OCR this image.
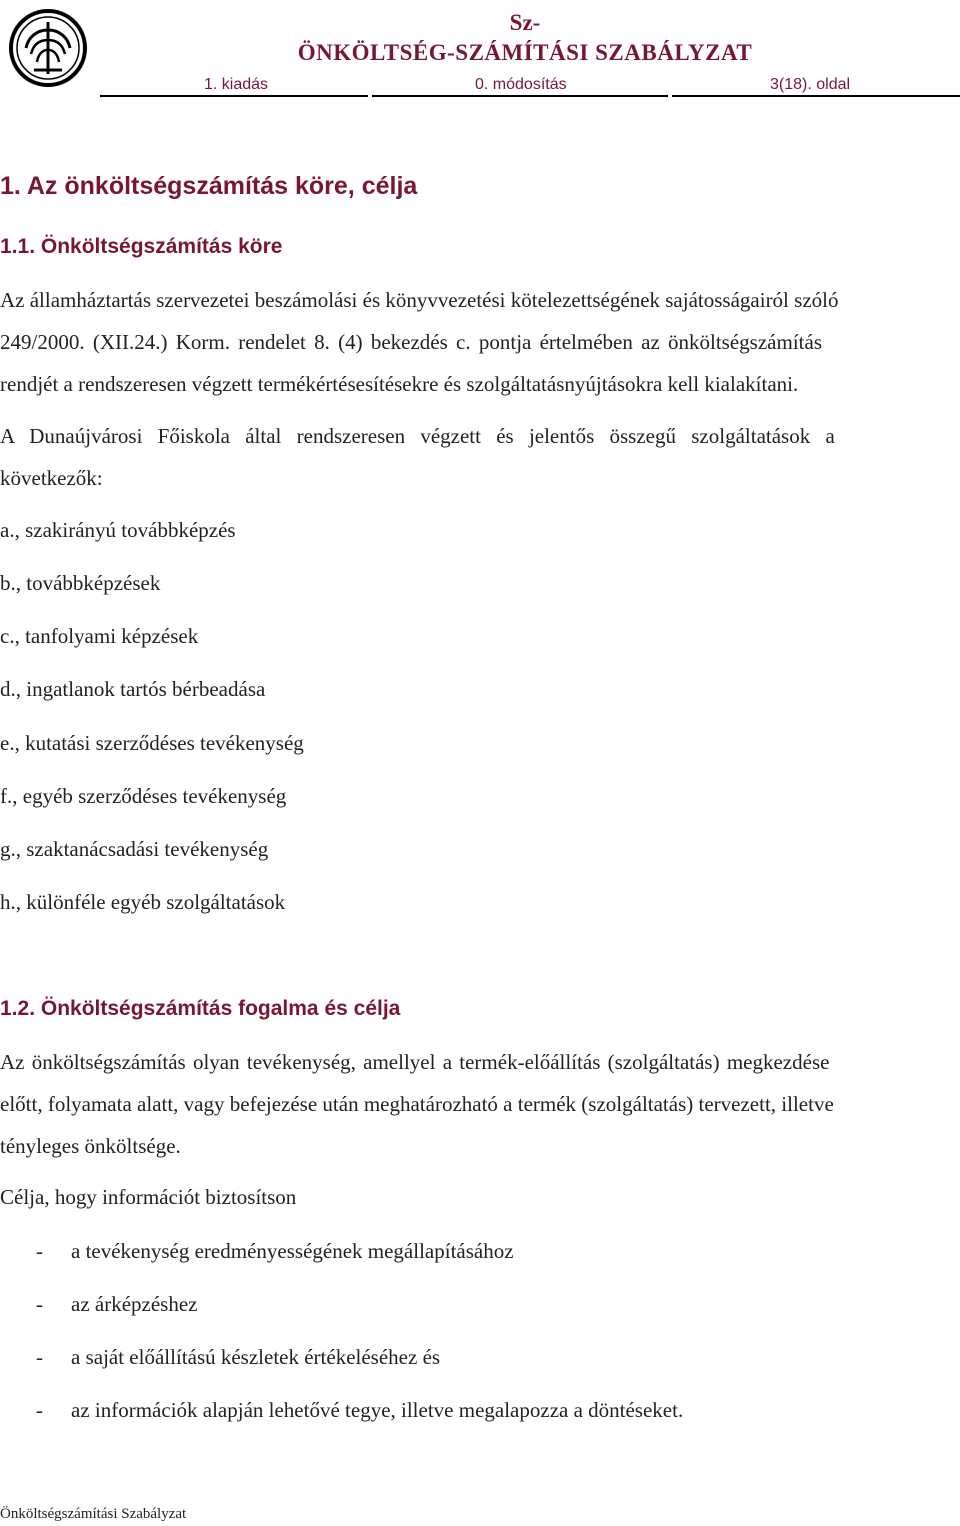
Sz-
ÖNKÖLTSÉG-SZÁMÍTÁSI SZABÁLYZAT
1. kiadás	0. módosítás	3(18). oldal
1. Az önköltségszámítás köre, célja
1.1. Önköltségszámítás köre
Az államháztartás szervezetei beszámolási és könyvvezetési kötelezettségének sajátosságairól szóló
249/2000. (XII.24.) Korm. rendelet 8. (4) bekezdés c. pontja értelmében az önköltségszámítás
rendjét a rendszeresen végzett termékértésesítésekre és szolgáltatásnyújtásokra kell kialakítani.
A Dunaújvárosi Főiskola által rendszeresen végzett és jelentős összegű szolgáltatások a
következők:
a., szakirányú továbbképzés
b., továbbképzések
c., tanfolyami képzések
d., ingatlanok tartós bérbeadása
e., kutatási szerződéses tevékenység
f., egyéb szerződéses tevékenység
g., szaktanácsadási tevékenység
h., különféle egyéb szolgáltatások
1.2. Önköltségszámítás fogalma és célja
Az önköltségszámítás olyan tevékenység, amellyel a termék-előállítás (szolgáltatás) megkezdése
előtt, folyamata alatt, vagy befejezése után meghatározható a termék (szolgáltatás) tervezett, illetve
tényleges önköltsége.
Célja, hogy információt biztosítson
- a tevékenység eredményességének megállapításához
- az árképzéshez
- a saját előállítású készletek értékeléséhez és
- az információk alapján lehetővé tegye, illetve megalapozza a döntéseket.
Önköltségszámítási Szabályzat
